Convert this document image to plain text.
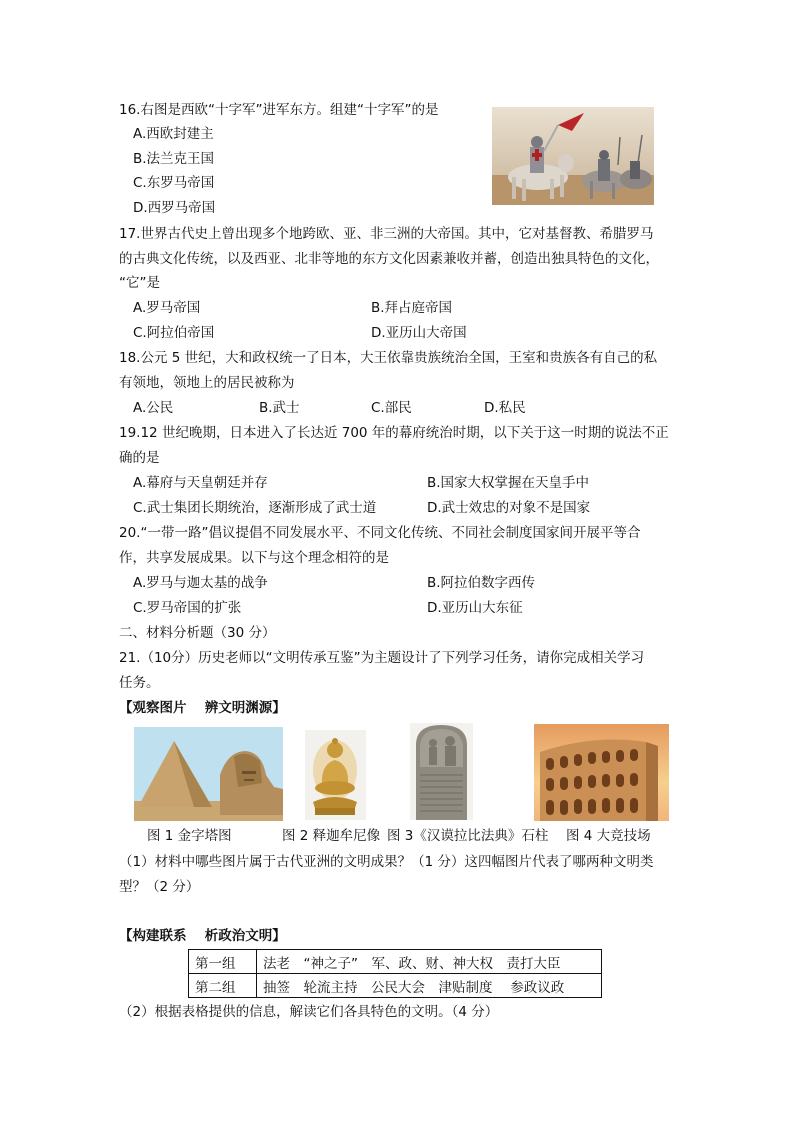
16.右图是西欧“十字军”进军东方。组建“十字军”的是
A.西欧封建主
B.法兰克王国
C.东罗马帝国
D.西罗马帝国
17.世界古代史上曾出现多个地跨欧、亚、非三洲的大帝国。其中，它对基督教、希腊罗马
的古典文化传统，以及西亚、北非等地的东方文化因素兼收并蓄，创造出独具特色的文化，
“它”是
A.罗马帝国	B.拜占庭帝国
C.阿拉伯帝国	D.亚历山大帝国
18.公元 5 世纪，大和政权统一了日本，大王依靠贵族统治全国，王室和贵族各有自己的私
有领地，领地上的居民被称为
A.公民	B.武士	C.部民	D.私民
19.12 世纪晚期，日本进入了长达近 700 年的幕府统治时期，以下关于这一时期的说法不正
确的是
A.幕府与天皇朝廷并存	B.国家大权掌握在天皇手中
C.武士集团长期统治，逐渐形成了武士道	D.武士效忠的对象不是国家
20.“一带一路”倡议提倡不同发展水平、不同文化传统、不同社会制度国家间开展平等合
作，共享发展成果。以下与这个理念相符的是
A.罗马与迦太基的战争	B.阿拉伯数字西传
C.罗马帝国的扩张	D.亚历山大东征
二、材料分析题（30 分）
21.（10分）历史老师以“文明传承互鉴”为主题设计了下列学习任务，请你完成相关学习
任务。
【观察图片　 辨文明渊源】
图 1 金字塔图	图 2 释迦牟尼像 图 3《汉谟拉比法典》石柱 图 4 大竞技场
（1）材料中哪些图片属于古代亚洲的文明成果？（1 分）这四幅图片代表了哪两种文明类
型？（2 分）
【构建联系　 析政治文明】
第一组	法老　“神之子”　军、政、财、神大权　责打大臣
第二组	抽签　轮流主持　公民大会　津贴制度　 参政议政
（2）根据表格提供的信息，解读它们各具特色的文明。（4 分）
